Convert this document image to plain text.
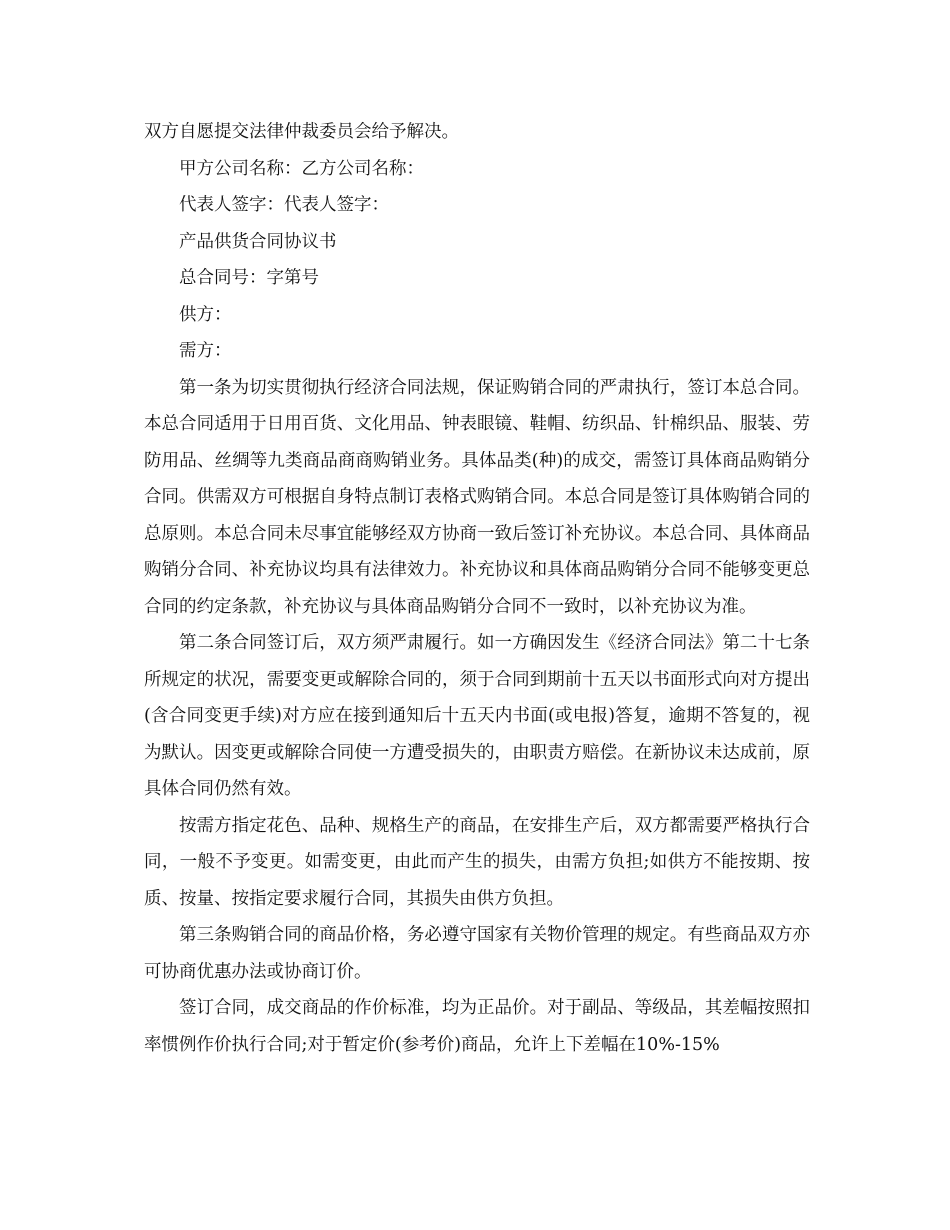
双方自愿提交法律仲裁委员会给予解决。

甲方公司名称：乙方公司名称：

代表人签字：代表人签字：

产品供货合同协议书

总合同号：字第号

供方：

需方：

第一条为切实贯彻执行经济合同法规，保证购销合同的严肃执行，签订本总合同。本总合同适用于日用百货、文化用品、钟表眼镜、鞋帽、纺织品、针棉织品、服装、劳防用品、丝绸等九类商品商商购销业务。具体品类(种)的成交，需签订具体商品购销分合同。供需双方可根据自身特点制订表格式购销合同。本总合同是签订具体购销合同的总原则。本总合同未尽事宜能够经双方协商一致后签订补充协议。本总合同、具体商品购销分合同、补充协议均具有法律效力。补充协议和具体商品购销分合同不能够变更总合同的约定条款，补充协议与具体商品购销分合同不一致时，以补充协议为准。

第二条合同签订后，双方须严肃履行。如一方确因发生《经济合同法》第二十七条所规定的状况，需要变更或解除合同的，须于合同到期前十五天以书面形式向对方提出(含合同变更手续)对方应在接到通知后十五天内书面(或电报)答复，逾期不答复的，视为默认。因变更或解除合同使一方遭受损失的，由职责方赔偿。在新协议未达成前，原具体合同仍然有效。

按需方指定花色、品种、规格生产的商品，在安排生产后，双方都需要严格执行合同，一般不予变更。如需变更，由此而产生的损失，由需方负担;如供方不能按期、按质、按量、按指定要求履行合同，其损失由供方负担。

第三条购销合同的商品价格，务必遵守国家有关物价管理的规定。有些商品双方亦可协商优惠办法或协商订价。

签订合同，成交商品的作价标准，均为正品价。对于副品、等级品，其差幅按照扣率惯例作价执行合同;对于暂定价(参考价)商品，允许上下差幅在10%-15%
